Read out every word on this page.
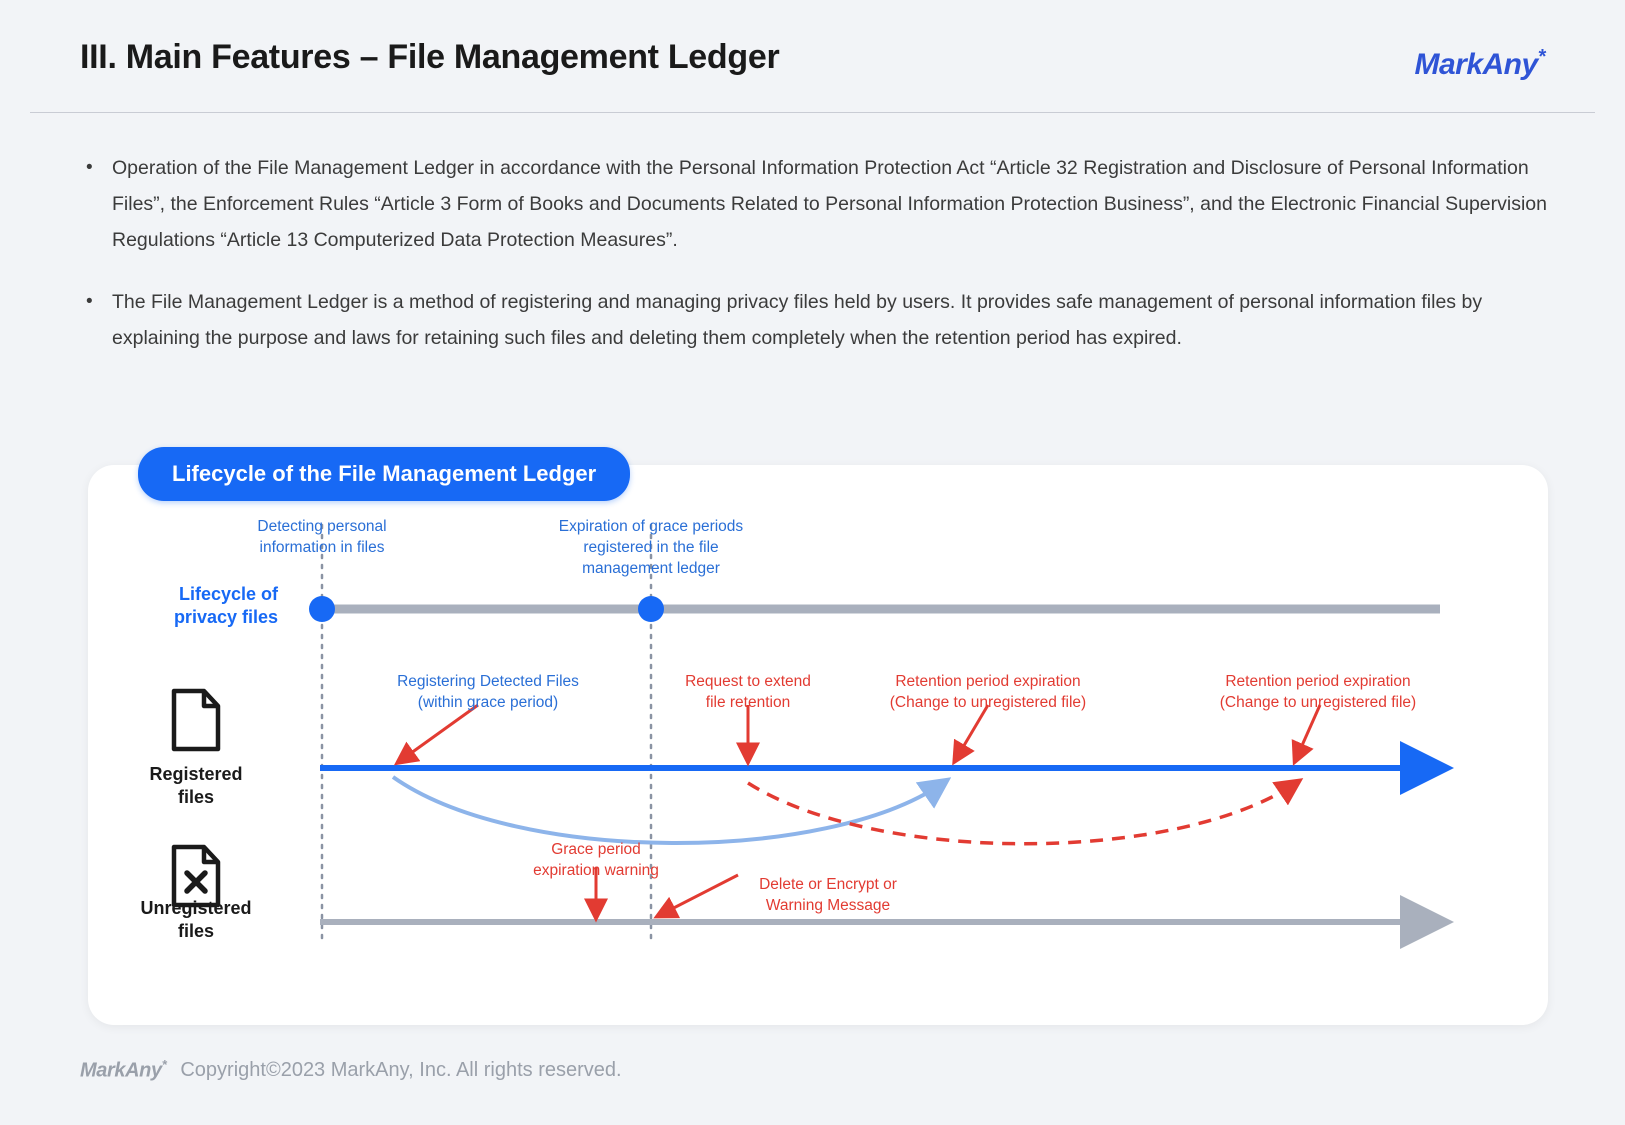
III. Main Features – File Management Ledger	MarkAny*
• Operation of the File Management Ledger in accordance with the Personal Information Protection Act “Article 32 Registration and Disclosure of Personal Information Files”, the Enforcement Rules “Article 3 Form of Books and Documents Related to Personal Information Protection Business”, and the Electronic Financial Supervision Regulations “Article 13 Computerized Data Protection Measures”.
• The File Management Ledger is a method of registering and managing privacy files held by users. It provides safe management of personal information files by explaining the purpose and laws for retaining such files and deleting them completely when the retention period has expired.
Detecting personal
information in files
Expiration of grace periods
registered in the file
management ledger
Lifecycle of
privacy files
Registered
files
Unregistered
files
Registering Detected Files
(within grace period)
Request to extend
file retention
Retention period expiration
(Change to unregistered file)
Retention period expiration
(Change to unregistered file)
Grace period
expiration warning
Delete or Encrypt or
Warning Message
Lifecycle of the File Management Ledger
MarkAny* Copyright©2023 MarkAny, Inc. All rights reserved.
